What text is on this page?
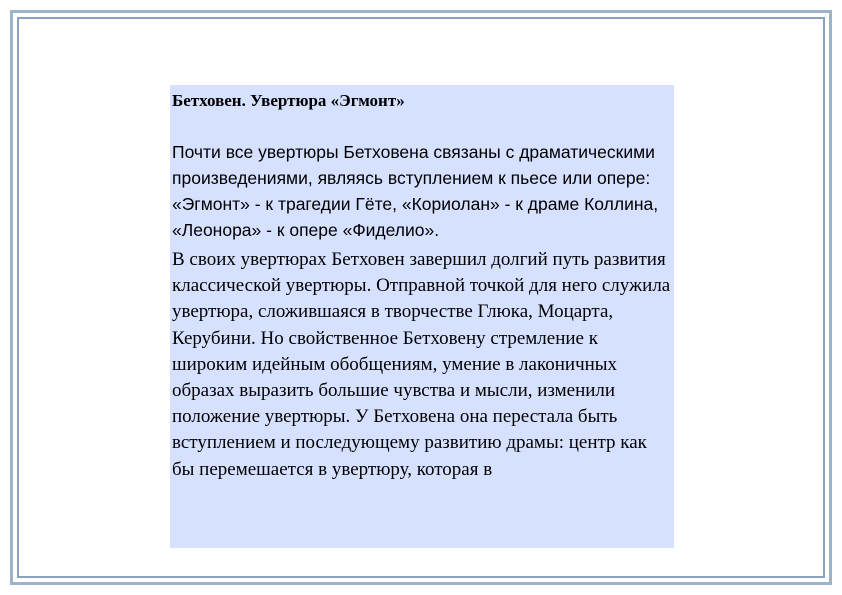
Бетховен. Увертюра «Эгмонт»

Почти все увертюры Бетховена связаны с драматическими произведениями, являясь вступлением к пьесе или опере: «Эгмонт» - к трагедии Гёте, «Кориолан» - к драме Коллина, «Леонора» - к опере «Фиделио».

В своих увертюрах Бетховен завершил долгий путь развития классической увертюры. Отправной точкой для него служила увертюра, сложившаяся в творчестве Глюка, Моцарта, Керубини. Но свойственное Бетховену стремление к широким идейным обобщениям, умение в лаконичных образах выразить большие чувства и мысли, изменили положение увертюры. У Бетховена она перестала быть вступлением и последующему развитию драмы: центр как бы перемешается в увертюру, которая в
